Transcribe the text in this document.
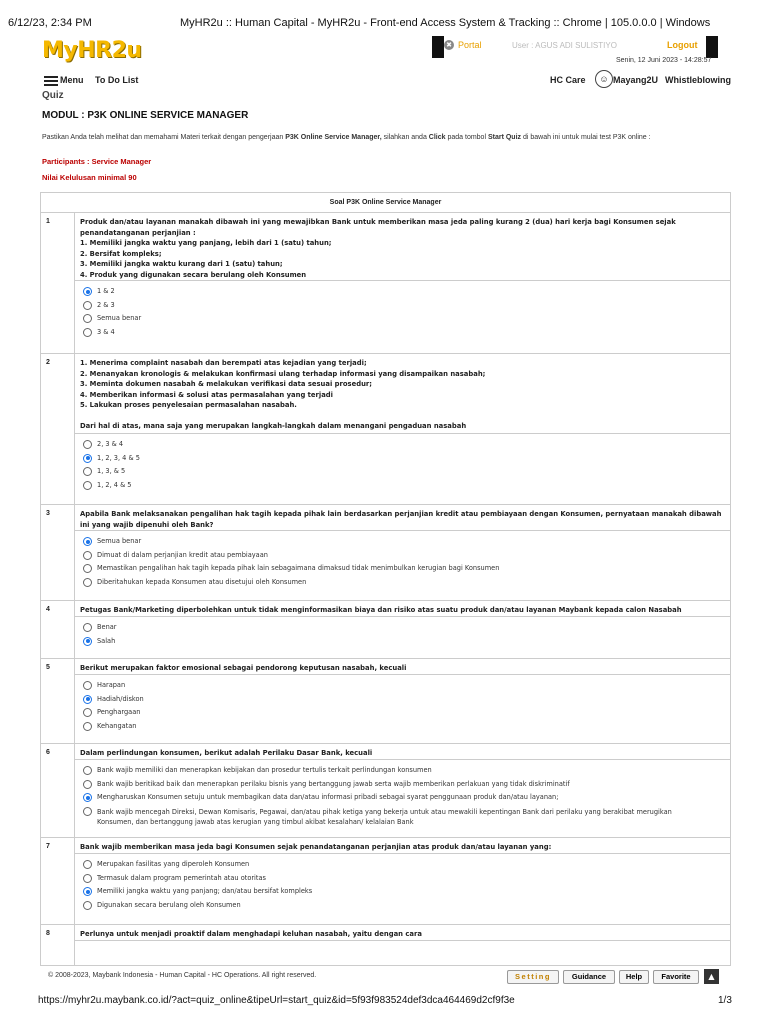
6/12/23, 2:34 PM	MyHR2u :: Human Capital - MyHR2u - Front-end Access System & Tracking :: Chrome | 105.0.0.0 | Windows
MyHR2u	✖ Portal	User : AGUS ADI SULISTIYO	Logout
Senin, 12 Juni 2023 - 14:28:57
Menu To Do List	HC Care	☺ Mayang2U Whistleblowing
Quiz
MODUL : P3K ONLINE SERVICE MANAGER
Pastikan Anda telah melihat dan memahami Materi terkait dengan pengerjaan P3K Online Service Manager, silahkan anda Click pada tombol Start Quiz di bawah ini untuk mulai test P3K online :
Participants : Service Manager
Nilai Kelulusan minimal 90
Soal P3K Online Service Manager
1	Produk dan/atau layanan manakah dibawah ini yang mewajibkan Bank untuk memberikan masa jeda paling kurang 2 (dua) hari kerja bagi Konsumen sejak
penandatanganan perjanjian :
1. Memiliki jangka waktu yang panjang, lebih dari 1 (satu) tahun;
2. Bersifat kompleks;
3. Memiliki jangka waktu kurang dari 1 (satu) tahun;
4. Produk yang digunakan secara berulang oleh Konsumen
1 & 2
2 & 3
Semua benar
3 & 4
2	1. Menerima complaint nasabah dan berempati atas kejadian yang terjadi;
2. Menanyakan kronologis & melakukan konfirmasi ulang terhadap informasi yang disampaikan nasabah;
3. Meminta dokumen nasabah & melakukan verifikasi data sesuai prosedur;
4. Memberikan informasi & solusi atas permasalahan yang terjadi
5. Lakukan proses penyelesaian permasalahan nasabah.

Dari hal di atas, mana saja yang merupakan langkah-langkah dalam menangani pengaduan nasabah
2, 3 & 4
1, 2, 3, 4 & 5
1, 3, & 5
1, 2, 4 & 5
3	Apabila Bank melaksanakan pengalihan hak tagih kepada pihak lain berdasarkan perjanjian kredit atau pembiayaan dengan Konsumen, pernyataan manakah dibawah
ini yang wajib dipenuhi oleh Bank?
Semua benar
Dimuat di dalam perjanjian kredit atau pembiayaan
Memastikan pengalihan hak tagih kepada pihak lain sebagaimana dimaksud tidak menimbulkan kerugian bagi Konsumen
Diberitahukan kepada Konsumen atau disetujui oleh Konsumen
4	Petugas Bank/Marketing diperbolehkan untuk tidak menginformasikan biaya dan risiko atas suatu produk dan/atau layanan Maybank kepada calon Nasabah
Benar
Salah
5	Berikut merupakan faktor emosional sebagai pendorong keputusan nasabah, kecuali
Harapan
Hadiah/diskon
Penghargaan
Kehangatan
6	Dalam perlindungan konsumen, berikut adalah Perilaku Dasar Bank, kecuali
Bank wajib memiliki dan menerapkan kebijakan dan prosedur tertulis terkait perlindungan konsumen
Bank wajib beritikad baik dan menerapkan perilaku bisnis yang bertanggung jawab serta wajib memberikan perlakuan yang tidak diskriminatif
Mengharuskan Konsumen setuju untuk membagikan data dan/atau informasi pribadi sebagai syarat penggunaan produk dan/atau layanan;
Bank wajib mencegah Direksi, Dewan Komisaris, Pegawai, dan/atau pihak ketiga yang bekerja untuk atau mewakili kepentingan Bank dari perilaku yang berakibat merugikan
Konsumen, dan bertanggung jawab atas kerugian yang timbul akibat kesalahan/ kelalaian Bank
7	Bank wajib memberikan masa jeda bagi Konsumen sejak penandatanganan perjanjian atas produk dan/atau layanan yang:
Merupakan fasilitas yang diperoleh Konsumen
Termasuk dalam program pemerintah atau otoritas
Memiliki jangka waktu yang panjang; dan/atau bersifat kompleks
Digunakan secara berulang oleh Konsumen
8	Perlunya untuk menjadi proaktif dalam menghadapi keluhan nasabah, yaitu dengan cara
© 2008-2023, Maybank Indonesia - Human Capital - HC Operations. All right reserved.	Setting	Guidance	Help	Favorite	▲
https://myhr2u.maybank.co.id/?act=quiz_online&tipeUrl=start_quiz&id=5f93f983524def3dca464469d2cf9f3e	1/3
